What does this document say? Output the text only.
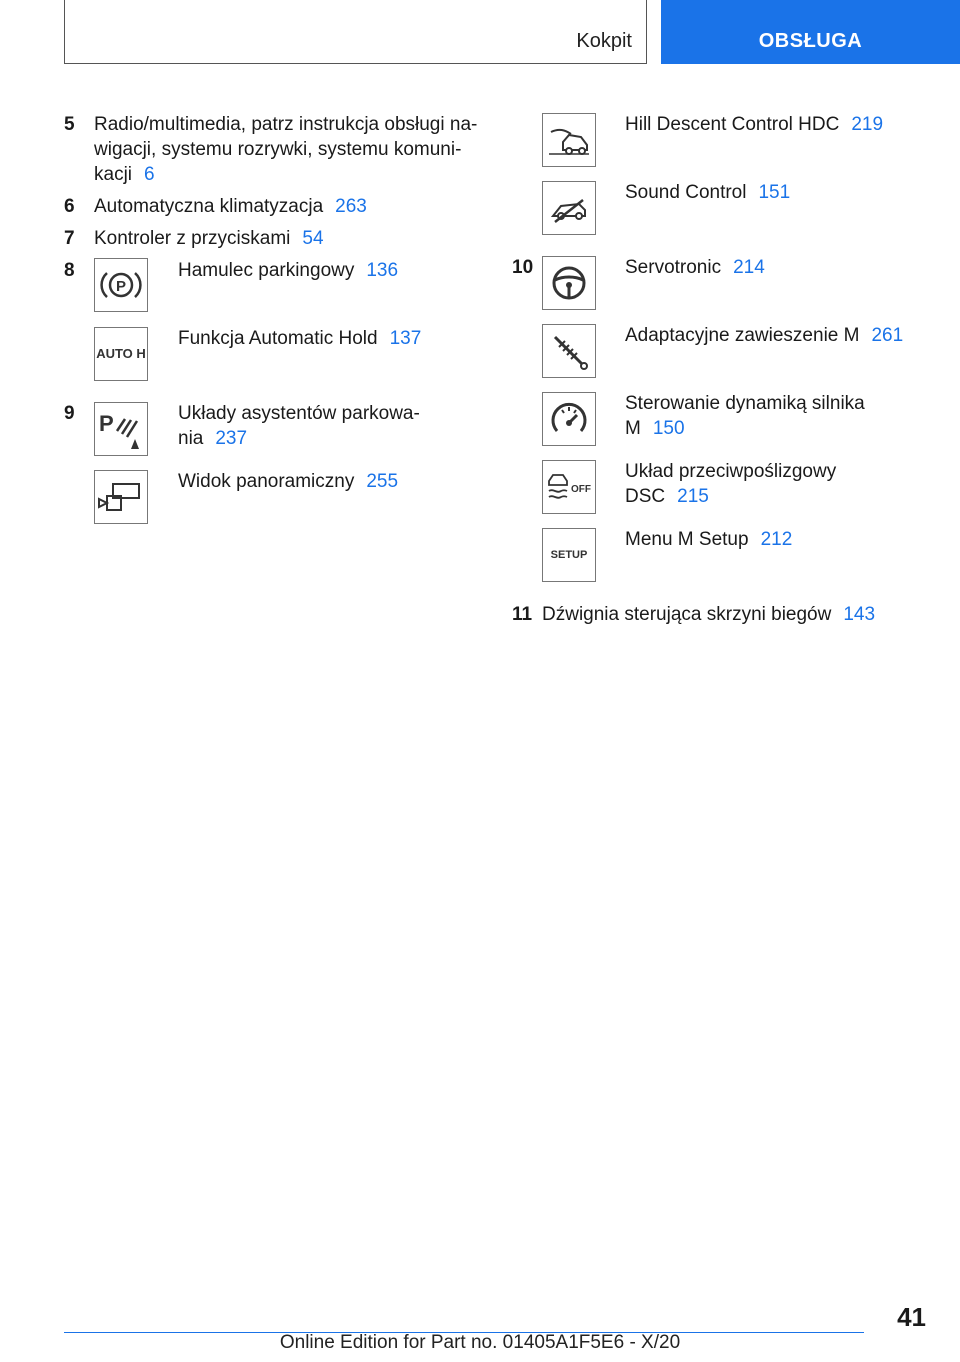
Kokpit	OBSŁUGA
5 Radio/multimedia, patrz instrukcja obsługi na-
wigacji, systemu rozrywki, systemu komuni-
kacji 6
6 Automatyczna klimatyzacja 263
7 Kontroler z przyciskami 54
8
P
Hamulec parkingowy 136
AUTO H
Funkcja Automatic Hold 137
9 P	Układy asystentów parkowa-
nia 237
Widok panoramiczny 255
Hill Descent Control HDC 219
Sound Control 151
10	Servotronic 214
Adaptacyjne zawieszenie M 261
Sterowanie dynamiką silnika
M 150
OFF
Układ przeciwpoślizgowy
DSC 215
SETUP
Menu M Setup 212
11 Dźwignia sterująca skrzyni biegów 143
41
Online Edition for Part no. 01405A1F5E6 - X/20
